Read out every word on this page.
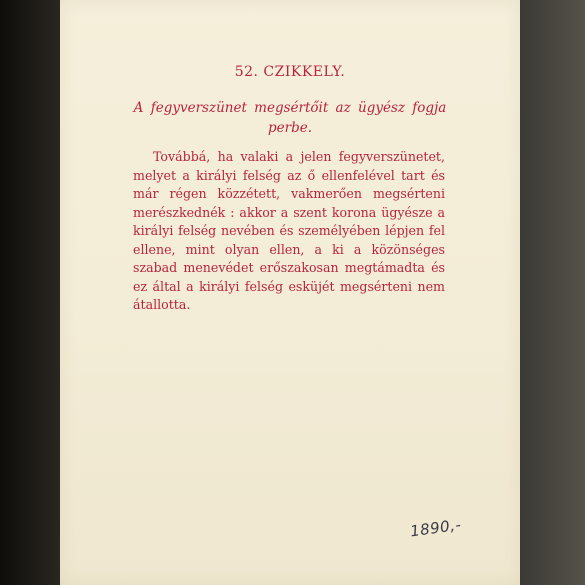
52. CZIKKELY.

A fegyverszünet megsértőit az ügyész fogja perbe.

Továbbá, ha valaki a jelen fegyverszünetet, melyet a királyi felség az ő ellenfelével tart és már régen közzétett, vakmerően megsérteni merészkednék : akkor a szent korona ügyésze a királyi felség nevében és személyében lépjen fel ellene, mint olyan ellen, a ki a közönséges szabad menevédet erőszakosan megtámadta és ez által a királyi felség esküjét megsérteni nem átallotta.

1890,-
